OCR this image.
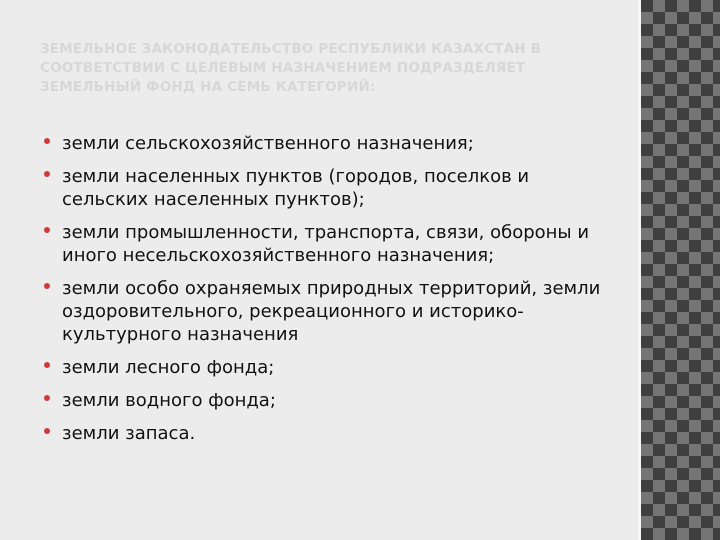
ЗЕМЕЛЬНОЕ ЗАКОНОДАТЕЛЬСТВО РЕСПУБЛИКИ КАЗАХСТАН В СООТВЕТСТВИИ С ЦЕЛЕВЫМ НАЗНАЧЕНИЕМ ПОДРАЗДЕЛЯЕТ ЗЕМЕЛЬНЫЙ ФОНД НА СЕМЬ КАТЕГОРИЙ:
земли сельскохозяйственного назначения;
земли населенных пунктов (городов, поселков и сельских населенных пунктов);
земли промышленности, транспорта, связи, обороны и иного несельскохозяйственного назначения;
земли особо охраняемых природных территорий, земли оздоровительного, рекреационного и историко-культурного назначения
земли лесного фонда;
земли водного фонда;
земли запаса.
